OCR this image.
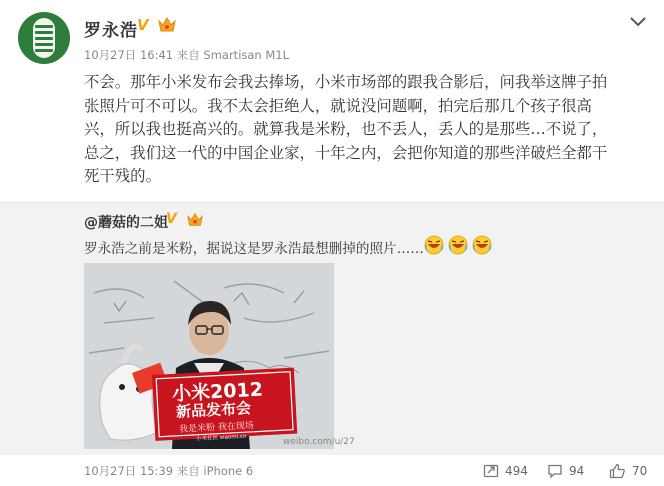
罗永浩 V
10月27日 16:41 来自 Smartisan M1L
不会。那年小米发布会我去捧场，小米市场部的跟我合影后，问我举这牌子拍
张照片可不可以。我不太会拒绝人，就说没问题啊，拍完后那几个孩子很高
兴，所以我也挺高兴的。就算我是米粉，也不丢人，丢人的是那些…不说了，
总之，我们这一代的中国企业家，十年之内，会把你知道的那些洋破烂全都干
死干残的。
@蘑菇的二姐
V
罗永浩之前是米粉，据说这是罗永浩最想删掉的照片……
小米2012
新品发布会
我是米粉 我在现场
小米社区 xiaomi.cn	weibo.com/u/27
10月27日 15:39 来自 iPhone 6	494	94	70
